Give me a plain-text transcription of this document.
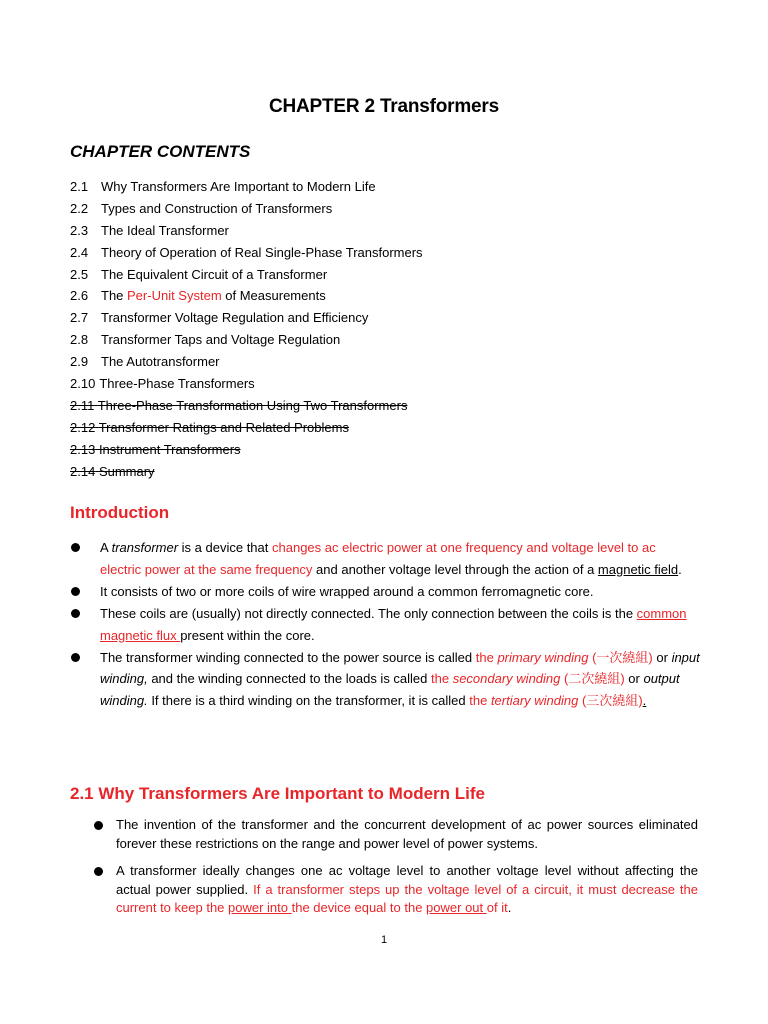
CHAPTER 2 Transformers
CHAPTER CONTENTS
2.1 Why Transformers Are Important to Modern Life
2.2 Types and Construction of Transformers
2.3 The Ideal Transformer
2.4 Theory of Operation of Real Single-Phase Transformers
2.5 The Equivalent Circuit of a Transformer
2.6 The Per-Unit System of Measurements
2.7 Transformer Voltage Regulation and Efficiency
2.8 Transformer Taps and Voltage Regulation
2.9 The Autotransformer
2.10 Three-Phase Transformers
2.11 Three-Phase Transformation Using Two Transformers
2.12 Transformer Ratings and Related Problems
2.13 Instrument Transformers
2.14 Summary
Introduction
A transformer is a device that changes ac electric power at one frequency and voltage level to ac electric power at the same frequency and another voltage level through the action of a magnetic field.
It consists of two or more coils of wire wrapped around a common ferromagnetic core.
These coils are (usually) not directly connected. The only connection between the coils is the common magnetic flux present within the core.
The transformer winding connected to the power source is called the primary winding (一次繞組) or input winding, and the winding connected to the loads is called the secondary winding (二次繞組) or output winding. If there is a third winding on the transformer, it is called the tertiary winding (三次繞組).
2.1 Why Transformers Are Important to Modern Life
The invention of the transformer and the concurrent development of ac power sources eliminated forever these restrictions on the range and power level of power systems.
A transformer ideally changes one ac voltage level to another voltage level without affecting the actual power supplied. If a transformer steps up the voltage level of a circuit, it must decrease the current to keep the power into the device equal to the power out of it.
1
